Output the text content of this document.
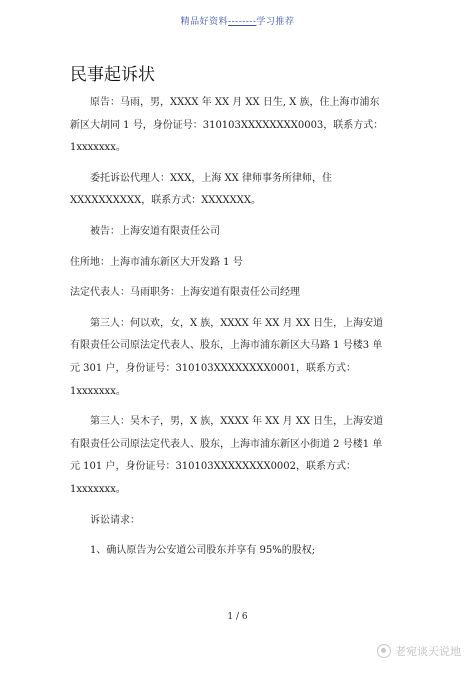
精品好资料--------学习推荐
民事起诉状

原告：马雨，男，XXXX 年 XX 月 XX 日生, X 族，住上海市浦东新区大胡同 1 号，身份证号：310103XXXXXXXX0003，联系方式：1xxxxxxx。

委托诉讼代理人：XXX，上海 XX 律师事务所律师，住XXXXXXXXXX，联系方式：XXXXXXX。

被告：上海安道有限责任公司

住所地：上海市浦东新区大开发路 1 号

法定代表人：马雨职务：上海安道有限责任公司经理

第三人：何以欢，女，X 族，XXXX 年 XX 月 XX 日生，上海安道有限责任公司原法定代表人、股东，上海市浦东新区大马路 1 号楼3 单元 301 户，身份证号：310103XXXXXXXX0001，联系方式：1xxxxxxx。

第三人：吴木子，男，X 族，XXXX 年 XX 月 XX 日生，上海安道有限责任公司原法定代表人、股东，上海市浦东新区小街道 2 号楼1 单元 101 户，身份证号：310103XXXXXXXX0002，联系方式：1xxxxxxx。

诉讼请求：

1、确认原告为公安道公司股东并享有 95%的股权;

1 / 6
老宛谈天说地
